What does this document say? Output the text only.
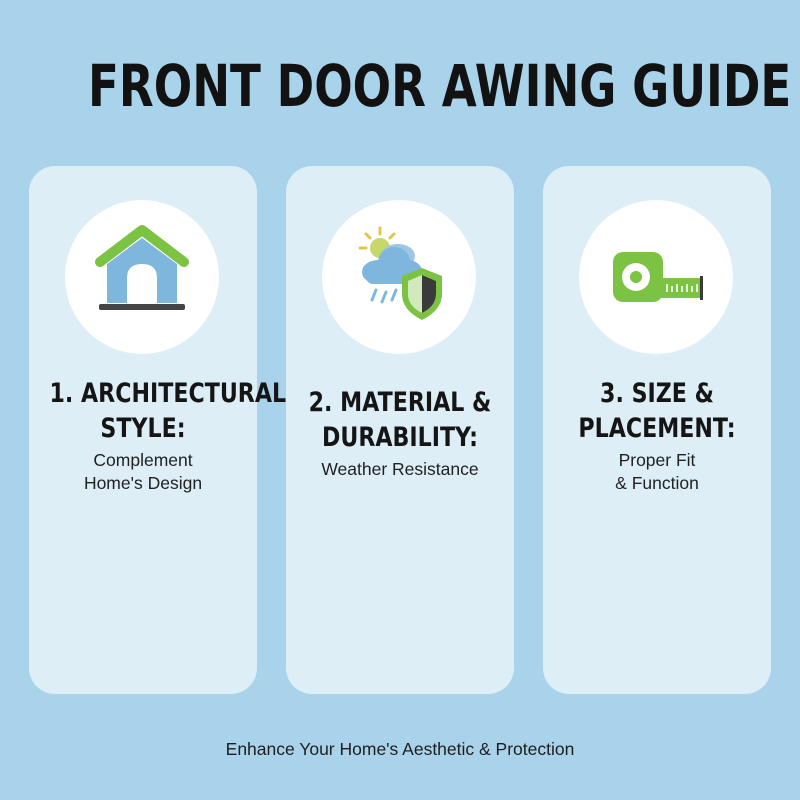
FRONT DOOR AWING GUIDE
1. ARCHITECTURAL
STYLE:
Complement
Home's Design
2. MATERIAL &
DURABILITY:
Weather Resistance
3. SIZE &
PLACEMENT:
Proper Fit
& Function
Enhance Your Home's Aesthetic & Protection
